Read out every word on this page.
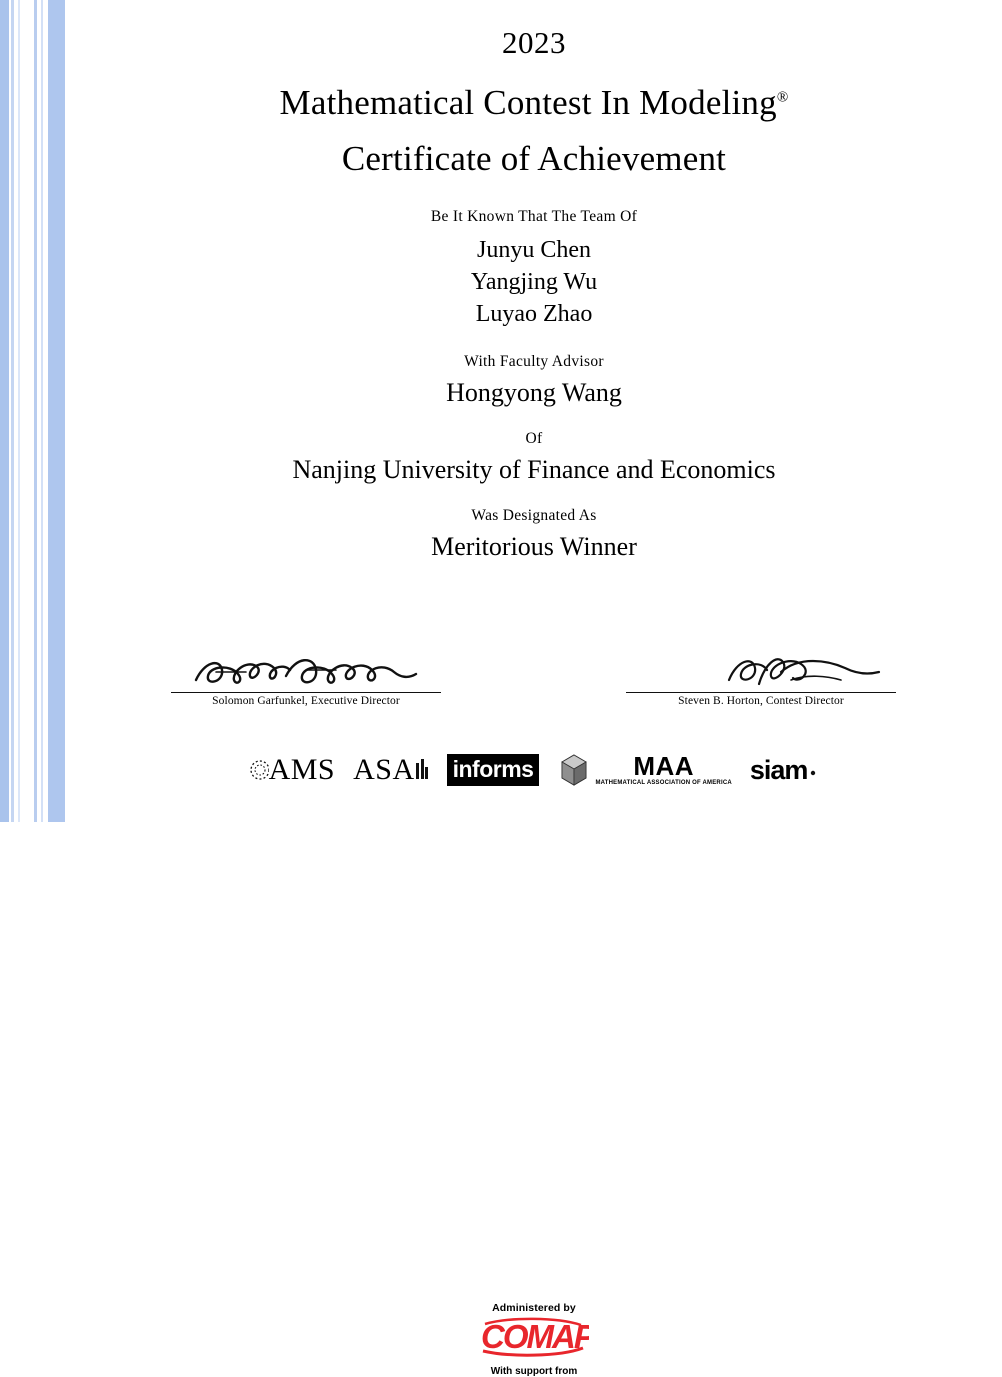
2023
Mathematical Contest In Modeling®
Certificate of Achievement
Be It Known That The Team Of
Junyu Chen
Yangjing Wu
Luyao Zhao
With Faculty Advisor
Hongyong Wang
Of
Nanjing University of Finance and Economics
Was Designated As
Meritorious Winner
Solomon Garfunkel, Executive Director	Steven B. Horton, Contest Director
Administered by
COMAP
With support from
AMS ASA informs	MAA
MATHEMATICAL ASSOCIATION OF AMERICA siam
